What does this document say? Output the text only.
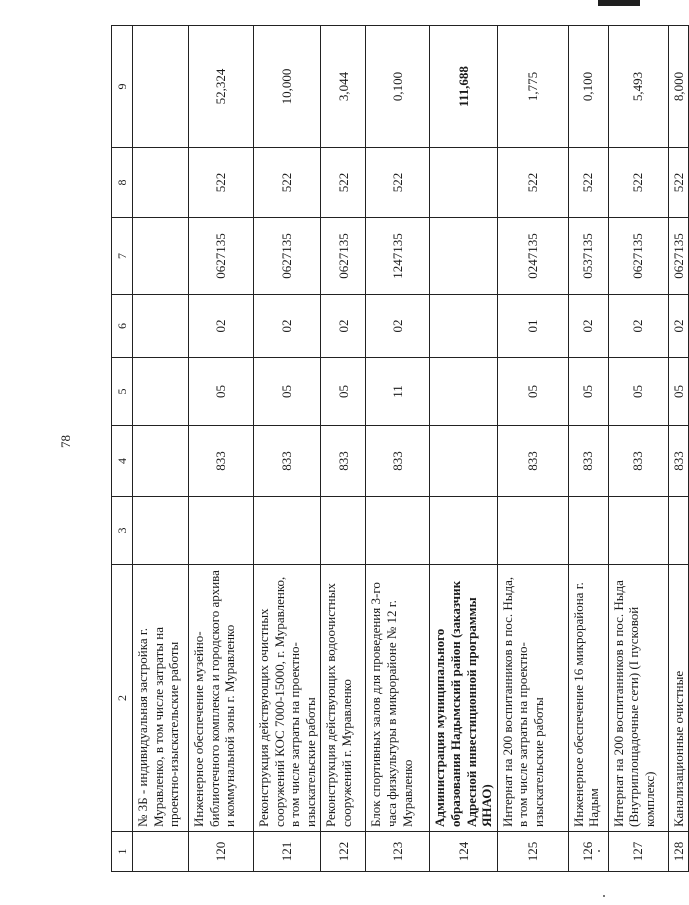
78
1	2	3	4	5	6	7	8	9
	№ 3Б - индивидуальная застройка г. Муравленко, в том числе затраты на проектно-изыскательские работы							
120	Инженерное обеспечение музейно-библиотечного комплекса и городского архива и коммунальной зоны г. Муравленко		833	05	02	0627135	522	52,324
121	Реконструкция действующих очистных сооружений КОС 7000-15000, г. Муравленко, в том числе затраты на проектно-изыскательские работы		833	05	02	0627135	522	10,000
122	Реконструкция действующих водоочистных сооружений г. Муравленко		833	05	02	0627135	522	3,044
123	Блок спортивных залов для проведения 3-го часа физкультуры в микрорайоне № 12 г. Муравленко		833	11	02	1247135	522	0,100
124	Администрация муниципального образования Надымский район (заказчик Адресной инвестиционной программы ЯНАО)							111,688
125	Интернат на 200 воспитанников в пос. Ныда, в том числе затраты на проектно-изыскательские работы		833	05	01	0247135	522	1,775
126	Инженерное обеспечение 16 микрорайона г. Надым		833	05	02	0537135	522	0,100
127	Интернат на 200 воспитанников в пос. Ныда (Внутриплощадочные сети) (I пусковой комплекс)		833	05	02	0627135	522	5,493
128	Канализационные очистные		833	05	02	0627135	522	8,000
